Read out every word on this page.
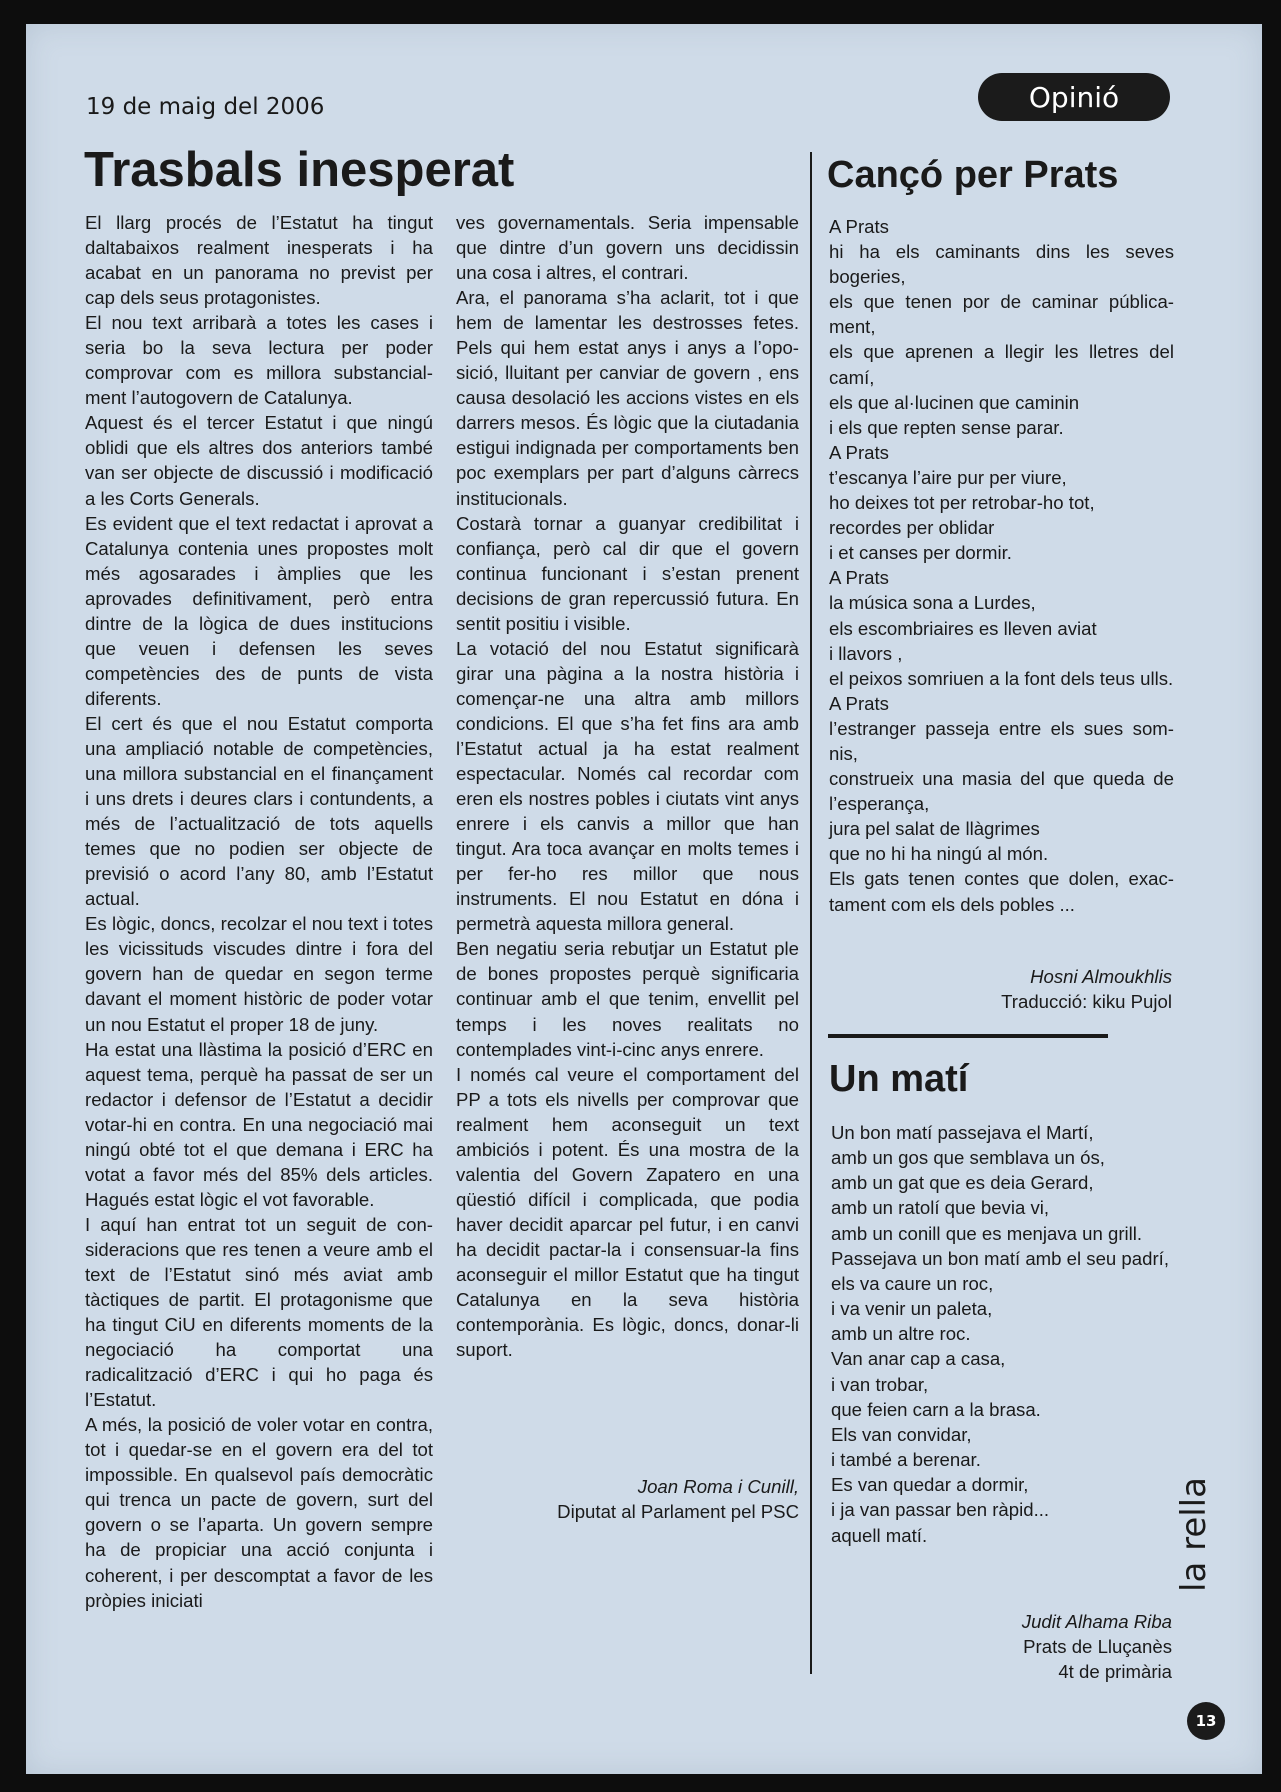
19 de maig del 2006	Opinió
Trasbals inesperat

El llarg procés de l’Estatut ha tingut daltabaixos realment inesperats i ha acabat en un panorama no previst per cap dels seus protagonistes.

El nou text arribarà a totes les cases i seria bo la seva lectura per poder comprovar com es millora substancialment l’autogovern de Catalunya.

Aquest és el tercer Estatut i que ningú oblidi que els altres dos anteriors també van ser objecte de discussió i modificació a les Corts Generals.

Es evident que el text redactat i aprovat a Catalunya contenia unes propostes molt més agosarades i àmplies que les aprovades definitivament, però entra dintre de la lògica de dues institucions que veuen i defensen les seves competències des de punts de vista diferents.

El cert és que el nou Estatut comporta una ampliació notable de competències, una millora substancial en el finançament i uns drets i deures clars i contundents, a més de l’actualització de tots aquells temes que no podien ser objecte de previsió o acord l’any 80, amb l’Estatut actual.

Es lògic, doncs, recolzar el nou text i totes les vicissituds viscudes dintre i fora del govern han de quedar en segon terme davant el moment històric de poder votar un nou Estatut el proper 18 de juny.

Ha estat una llàstima la posició d’ERC en aquest tema, perquè ha passat de ser un redactor i defensor de l’Estatut a decidir votar-hi en contra. En una negociació mai ningú obté tot el que demana i ERC ha votat a favor més del 85% dels articles. Hagués estat lògic el vot favorable.

I aquí han entrat tot un seguit de consideracions que res tenen a veure amb el text de l’Estatut sinó més aviat amb tàctiques de partit. El protagonisme que ha tingut CiU en diferents moments de la negociació ha comportat una radicalització d’ERC i qui ho paga és l’Estatut.

A més, la posició de voler votar en contra, tot i quedar-se en el govern era del tot impossible. En qualsevol país democràtic qui trenca un pacte de govern, surt del govern o se l’aparta. Un govern sempre ha de propiciar una acció conjunta i coherent, i per descomptat a favor de les pròpies iniciati

ves governamentals. Seria impensable que dintre d’un govern uns decidissin una cosa i altres, el contrari.

Ara, el panorama s’ha aclarit, tot i que hem de lamentar les destrosses fetes. Pels qui hem estat anys i anys a l’oposició, lluitant per canviar de govern , ens causa desolació les accions vistes en els darrers mesos. És lògic que la ciutadania estigui indignada per comportaments ben poc exemplars per part d’alguns càrrecs institucionals.

Costarà tornar a guanyar credibilitat i confiança, però cal dir que el govern continua funcionant i s’estan prenent decisions de gran repercussió futura. En sentit positiu i visible.

La votació del nou Estatut significarà girar una pàgina a la nostra història i començar-ne una altra amb millors condicions. El que s’ha fet fins ara amb l’Estatut actual ja ha estat realment espectacular. Només cal recordar com eren els nostres pobles i ciutats vint anys enrere i els canvis a millor que han tingut. Ara toca avançar en molts temes i per fer-ho res millor que nous instruments. El nou Estatut en dóna i permetrà aquesta millora general.

Ben negatiu seria rebutjar un Estatut ple de bones propostes perquè significaria continuar amb el que tenim, envellit pel temps i les noves realitats no contemplades vint-i-cinc anys enrere.

I només cal veure el comportament del PP a tots els nivells per comprovar que realment hem aconseguit un text ambiciós i potent. És una mostra de la valentia del Govern Zapatero en una qüestió difícil i complicada, que podia haver decidit aparcar pel futur, i en canvi ha decidit pactar-la i consensuar-la fins aconseguir el millor Estatut que ha tingut Catalunya en la seva història contemporània. Es lògic, doncs, donar-li suport.

Joan Roma i Cunill,
Diputat al Parlament pel PSC
Cançó per Prats

A Prats

hi ha els caminants dins les seves bogeries,

els que tenen por de caminar públicament,

els que aprenen a llegir les lletres del camí,

els que al·lucinen que caminin

i els que repten sense parar.

A Prats

t’escanya l’aire pur per viure,

ho deixes tot per retrobar-ho tot,

recordes per oblidar

i et canses per dormir.

A Prats

la música sona a Lurdes,

els escombriaires es lleven aviat

i llavors ,

el peixos somriuen a la font dels teus ulls.

A Prats

l’estranger passeja entre els sues somnis,

construeix una masia del que queda de l’esperança,

jura pel salat de llàgrimes

que no hi ha ningú al món.

Els gats tenen contes que dolen, exactament com els dels pobles ...

Hosni Almoukhlis
Traducció: kiku Pujol
Un matí

Un bon matí passejava el Martí,

amb un gos que semblava un ós,

amb un gat que es deia Gerard,

amb un ratolí que bevia vi,

amb un conill que es menjava un grill.

Passejava un bon matí amb el seu padrí,

els va caure un roc,

i va venir un paleta,

amb un altre roc.

Van anar cap a casa,

i van trobar,

que feien carn a la brasa.

Els van convidar,

i també a berenar.

Es van quedar a dormir,

i ja van passar ben ràpid...

aquell matí.

Judit Alhama Riba
Prats de Lluçanès
4t de primària
la rella
13
